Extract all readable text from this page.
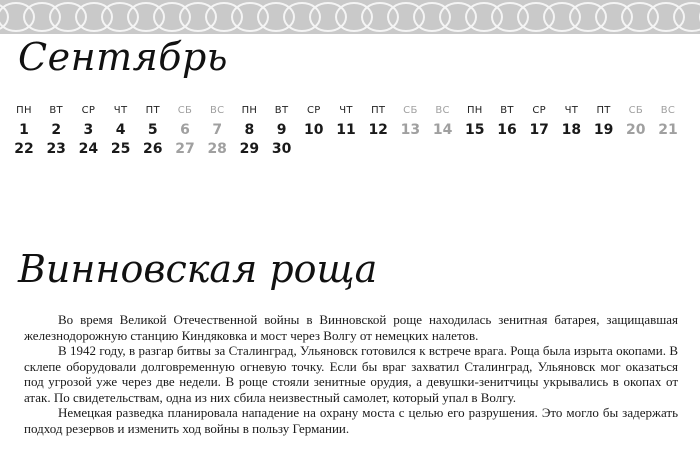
Сентябрь
ПН
1
22
ВТ
2
23
СР
3
24
ЧТ
4
25
ПТ
5
26
СБ
6
27
ВС
7
28
ПН
8
29
ВТ
9
30
СР
10
ЧТ
11
ПТ
12
СБ
13
ВС
14
ПН
15
ВТ
16
СР
17
ЧТ
18
ПТ
19
СБ
20
ВС
21
Винновская роща

Во время Великой Отечественной войны в Винновской роще находилась зенитная батарея, защищавшая железнодорожную станцию Киндяковка и мост через Волгу от немецких налетов.

В 1942 году, в разгар битвы за Сталинград, Ульяновск готовился к встрече врага. Роща была изрыта окопами. В склепе оборудовали долговременную огневую точку. Если бы враг захватил Сталинград, Ульяновск мог оказаться под угрозой уже через две недели. В роще стояли зенитные орудия, а девушки-зенитчицы укрывались в окопах от атак. По свидетельствам, одна из них сбила неизвестный самолет, который упал в Волгу.

Немецкая разведка планировала нападение на охрану моста с целью его разрушения. Это могло бы задержать подход резервов и изменить ход войны в пользу Германии.
